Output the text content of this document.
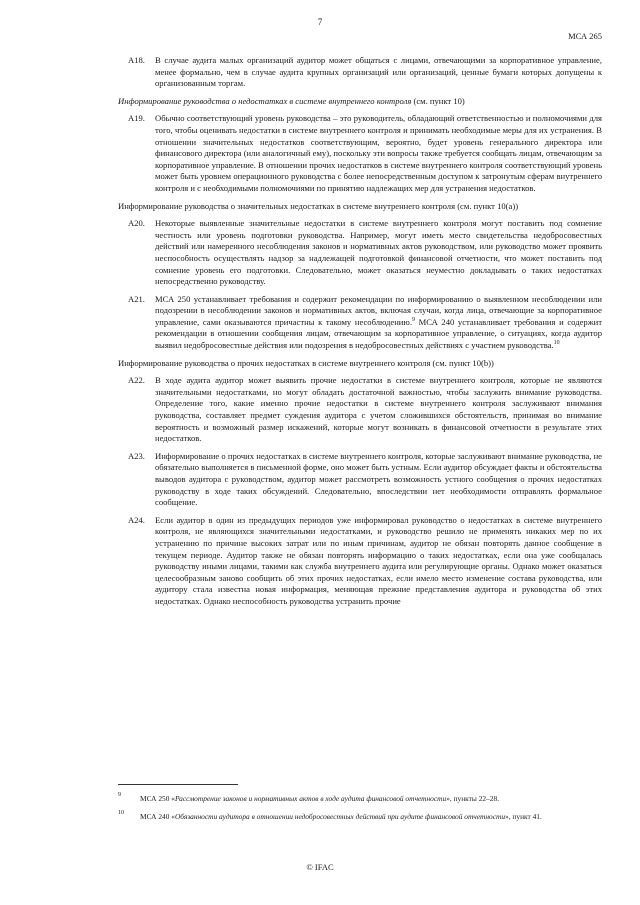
7
МСА 265
A18.	В случае аудита малых организаций аудитор может общаться с лицами, отвечающими за корпоративное управление, менее формально, чем в случае аудита крупных организаций или организаций, ценные бумаги которых допущены к организованным торгам.
Информирование руководства о недостатках в системе внутреннего контроля (см. пункт 10)
A19.	Обычно соответствующий уровень руководства – это руководитель, обладающий ответственностью и полномочиями для того, чтобы оценивать недостатки в системе внутреннего контроля и принимать необходимые меры для их устранения. В отношении значительных недостатков соответствующим, вероятно, будет уровень генерального директора или финансового директора (или аналогичный ему), поскольку эти вопросы также требуется сообщать лицам, отвечающим за корпоративное управление. В отношении прочих недостатков в системе внутреннего контроля соответствующий уровень может быть уровнем операционного руководства с более непосредственным доступом к затронутым сферам внутреннего контроля и с необходимыми полномочиями по принятию надлежащих мер для устранения недостатков.
Информирование руководства о значительных недостатках в системе внутреннего контроля (см. пункт 10(a))
A20.	Некоторые выявленные значительные недостатки в системе внутреннего контроля могут поставить под сомнение честность или уровень подготовки руководства. Например, могут иметь место свидетельства недобросовестных действий или намеренного несоблюдения законов и нормативных актов руководством, или руководство может проявить неспособность осуществлять надзор за надлежащей подготовкой финансовой отчетности, что может поставить под сомнение уровень его подготовки. Следовательно, может оказаться неуместно докладывать о таких недостатках непосредственно руководству.
A21.	МСА 250 устанавливает требования и содержит рекомендации по информированию о выявленном несоблюдении или подозрении в несоблюдении законов и нормативных актов, включая случаи, когда лица, отвечающие за корпоративное управление, сами оказываются причастны к такому несоблюдению.$^9$ МСА 240 устанавливает требования и содержит рекомендации в отношении сообщения лицам, отвечающим за корпоративное управление, о ситуациях, когда аудитор выявил недобросовестные действия или подозрения в недобросовестных действиях с участием руководства.$^{10}$
Информирование руководства о прочих недостатках в системе внутреннего контроля (см. пункт 10(b))
A22.	В ходе аудита аудитор может выявить прочие недостатки в системе внутреннего контроля, которые не являются значительными недостатками, но могут обладать достаточной важностью, чтобы заслужить внимание руководства. Определение того, какие именно прочие недостатки в системе внутреннего контроля заслуживают внимания руководства, составляет предмет суждения аудитора с учетом сложившихся обстоятельств, принимая во внимание вероятность и возможный размер искажений, которые могут возникать в финансовой отчетности в результате этих недостатков.
A23.	Информирование о прочих недостатках в системе внутреннего контроля, которые заслуживают внимание руководства, не обязательно выполняется в письменной форме, оно может быть устным. Если аудитор обсуждает факты и обстоятельства выводов аудитора с руководством, аудитор может рассмотреть возможность устного сообщения о прочих недостатках руководству в ходе таких обсуждений. Следовательно, впоследствии нет необходимости отправлять формальное сообщение.
A24.	Если аудитор в один из предыдущих периодов уже информировал руководство о недостатках в системе внутреннего контроля, не являющихся значительными недостатками, и руководство решило не применять никаких мер по их устранению по причине высоких затрат или по иным причинам, аудитор не обязан повторять данное сообщение в текущем периоде. Аудитор также не обязан повторять информацию о таких недостатках, если она уже сообщалась руководству иными лицами, такими как служба внутреннего аудита или регулирующие органы. Однако может оказаться целесообразным заново сообщить об этих прочих недостатках, если имело место изменение состава руководства, или аудитору стала известна новая информация, меняющая прежние представления аудитора и руководства об этих недостатках. Однако неспособность руководства устранить прочие
9	МСА 250 «Рассмотрение законов и нормативных актов в ходе аудита финансовой отчетности», пункты 22–28.
10	МСА 240 «Обязанности аудитора в отношении недобросовестных действий при аудите финансовой отчетности», пункт 41.
© IFAC
